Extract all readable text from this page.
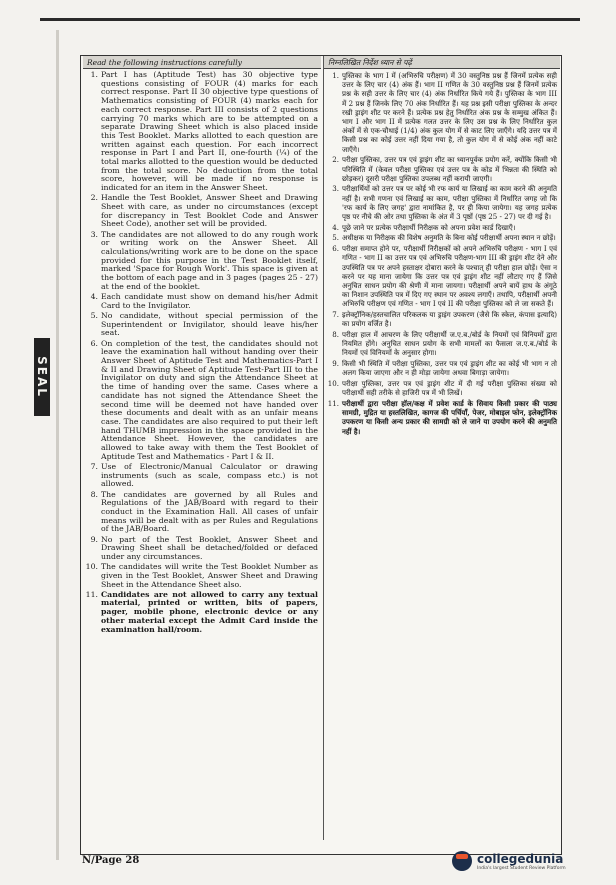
SEAL
Read the following instructions carefully
1. Part I has (Aptitude Test) has 30 objective type questions consisting of FOUR (4) marks for each correct response. Part II 30 objective type questions of Mathematics consisting of FOUR (4) marks each for each correct response. Part III consists of 2 questions carrying 70 marks which are to be attempted on a separate Drawing Sheet which is also placed inside this Test Booklet. Marks allotted to each question are written against each question. For each incorrect response in Part I and Part II, one-fourth (¼) of the total marks allotted to the question would be deducted from the total score. No deduction from the total score, however, will be made if no response is indicated for an item in the Answer Sheet.
2. Handle the Test Booklet, Answer Sheet and Drawing Sheet with care, as under no circumstances (except for discrepancy in Test Booklet Code and Answer Sheet Code), another set will be provided.
3. The candidates are not allowed to do any rough work or writing work on the Answer Sheet. All calculations/writing work are to be done on the space provided for this purpose in the Test Booklet itself, marked 'Space for Rough Work'. This space is given at the bottom of each page and in 3 pages (pages 25 - 27) at the end of the booklet.
4. Each candidate must show on demand his/her Admit Card to the Invigilator.
5. No candidate, without special permission of the Superintendent or Invigilator, should leave his/her seat.
6. On completion of the test, the candidates should not leave the examination hall without handing over their Answer Sheet of Aptitude Test and Mathematics-Part I & II and Drawing Sheet of Aptitude Test-Part III to the Invigilator on duty and sign the Attendance Sheet at the time of handing over the same. Cases where a candidate has not signed the Attendance Sheet the second time will be deemed not have handed over these documents and dealt with as an unfair means case. The candidates are also required to put their left hand THUMB impression in the space provided in the Attendance Sheet. However, the candidates are allowed to take away with them the Test Booklet of Aptitude Test and Mathematics - Part I & II.
7. Use of Electronic/Manual Calculator or drawing instruments (such as scale, compass etc.) is not allowed.
8. The candidates are governed by all Rules and Regulations of the JAB/Board with regard to their conduct in the Examination Hall. All cases of unfair means will be dealt with as per Rules and Regulations of the JAB/Board.
9. No part of the Test Booklet, Answer Sheet and Drawing Sheet shall be detached/folded or defaced under any circumstances.
10. The candidates will write the Test Booklet Number as given in the Test Booklet, Answer Sheet and Drawing Sheet in the Attendance Sheet also.
11. Candidates are not allowed to carry any textual material, printed or written, bits of papers, pager, mobile phone, electronic device or any other material except the Admit Card inside the examination hall/room.
निम्नलिखित निर्देश ध्यान से पढ़ें
1. पुस्तिका के भाग I में (अभिरुचि परीक्षण) में 30 वस्तुनिष्ठ प्रश्न हैं जिनमें प्रत्येक सही उत्तर के लिए चार (4) अंक हैं। भाग II गणित के 30 वस्तुनिष्ठ प्रश्न हैं जिनमें प्रत्येक प्रश्न के सही उत्तर के लिए चार (4) अंक निर्धारित किये गये हैं। पुस्तिका के भाग III में 2 प्रश्न हैं जिनके लिए 70 अंक निर्धारित हैं। यह प्रश्न इसी परीक्षा पुस्तिका के अन्दर रखी ड्राइंग शीट पर करने हैं। प्रत्येक प्रश्न हेतु निर्धारित अंक प्रश्न के सम्मुख अंकित हैं। भाग I और भाग II में प्रत्येक गलत उत्तर के लिए उस प्रश्न के लिए निर्धारित कुल अंकों में से एक-चौथाई (1/4) अंक कुल योग में से काट लिए जाएँगे। यदि उत्तर पत्र में किसी प्रश्न का कोई उत्तर नहीं दिया गया है, तो कुल योग में से कोई अंक नहीं काटे जाएँगे।
2. परीक्षा पुस्तिका, उत्तर पत्र एवं ड्राइंग शीट का ध्यानपूर्वक प्रयोग करें, क्योंकि किसी भी परिस्थिति में (केवल परीक्षा पुस्तिका एवं उत्तर पत्र के कोड में भिन्नता की स्थिति को छोड़कर) दूसरी परीक्षा पुस्तिका उपलब्ध नहीं करायी जाएगी।
3. परीक्षार्थियों को उत्तर पत्र पर कोई भी रफ कार्य या लिखाई का काम करने की अनुमति नहीं है। सभी गणना एवं लिखाई का काम, परीक्षा पुस्तिका में निर्धारित जगह जो कि 'रफ कार्य के लिए जगह' द्वारा नामांकित है, पर ही किया जायेगा। यह जगह प्रत्येक पृष्ठ पर नीचे की ओर तथा पुस्तिका के अंत में 3 पृष्ठों (पृष्ठ 25 - 27) पर दी गई है।
4. पूछे जाने पर प्रत्येक परीक्षार्थी निरीक्षक को अपना प्रवेश कार्ड दिखाएँ।
5. अधीक्षक या निरीक्षक की विशेष अनुमति के बिना कोई परीक्षार्थी अपना स्थान न छोड़ें।
6. परीक्षा समाप्त होने पर, परीक्षार्थी निरीक्षकों को अपने अभिरुचि परीक्षण - भाग I एवं गणित - भाग II का उत्तर पत्र एवं अभिरुचि परीक्षण-भाग III की ड्राइंग शीट देने और उपस्थिति पत्र पर अपने हस्ताक्षर दोबारा करने के पश्चात् ही परीक्षा हाल छोड़ें। ऐसा न करने पर यह माना जायेगा कि उत्तर पत्र एवं ड्राइंग शीट नहीं लौटाए गए हैं जिसे अनुचित साधन प्रयोग की श्रेणी में माना जायगा। परीक्षार्थी अपने बायें हाथ के अंगूठे का निशान उपस्थिति पत्र में दिए गए स्थान पर अवश्य लगाएँ। तथापि, परीक्षार्थी अपनी अभिरुचि परीक्षण एवं गणित - भाग I एवं II की परीक्षा पुस्तिका को ले जा सकते हैं।
7. इलेक्ट्रॉनिक/हस्तचालित परिकलक या ड्राइंग उपकरण (जैसे कि स्केल, कंपास इत्यादि) का प्रयोग वर्जित है।
8. परीक्षा हाल में आचरण के लिए परीक्षार्थी ज.ए.ब./बोर्ड के नियमों एवं विनियमों द्वारा नियमित होंगे। अनुचित साधन प्रयोग के सभी मामलों का फैसला ज.ए.ब./बोर्ड के नियमों एवं विनियमों के अनुसार होगा।
9. किसी भी स्थिति में परीक्षा पुस्तिका, उत्तर पत्र एवं ड्राइंग शीट का कोई भी भाग न तो अलग किया जाएगा और न ही मोड़ा जायेगा अथवा बिगाड़ा जायेगा।
10. परीक्षा पुस्तिका, उत्तर पत्र एवं ड्राइंग शीट में दी गई परीक्षा पुस्तिका संख्या को परीक्षार्थी सही तरीके से हाजिरी पत्र में भी लिखें।
11. परीक्षार्थी द्वारा परीक्षा हॉल/कक्ष में प्रवेश कार्ड के सिवाय किसी प्रकार की पाठ्य सामग्री, मुद्रित या हस्तलिखित, कागज की पर्चियाँ, पेजर, मोबाइल फोन, इलेक्ट्रॉनिक उपकरण या किसी अन्य प्रकार की सामग्री को ले जाने या उपयोग करने की अनुमति नहीं है।
N/Page 28	collegedunia
India's largest Student Review Platform
